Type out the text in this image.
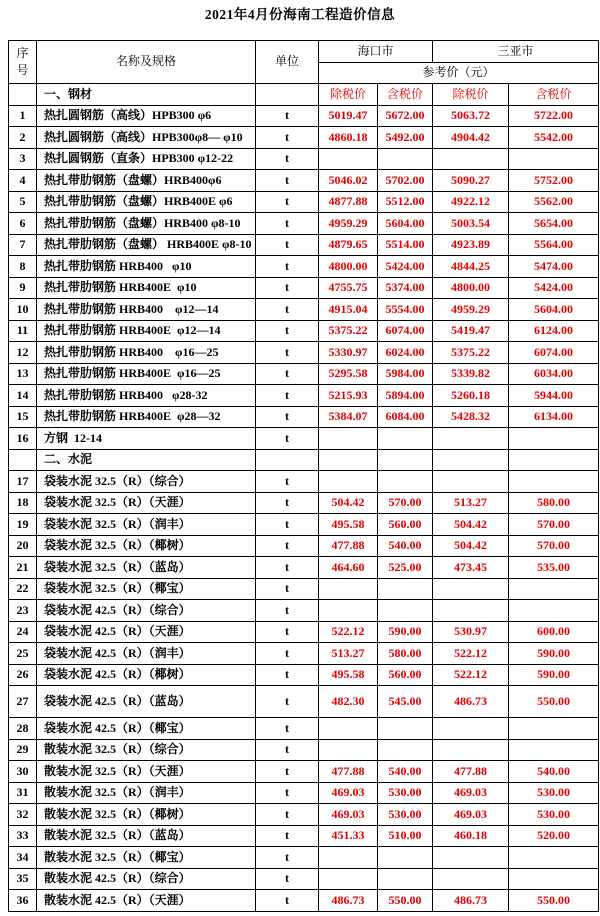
2021年4月份海南工程造价信息
序号	名称及规格	单位	海口市		三亚市	
			参考价（元）			
	一、钢材		除税价	含税价	除税价	含税价
1	热扎圆钢筋（高线）HPB300 φ6	t	5019.47	5672.00	5063.72	5722.00
2	热扎圆钢筋（高线）HPB300φ8— φ10	t	4860.18	5492.00	4904.42	5542.00
3	热扎圆钢筋（直条）HPB300 φ12-22	t				
4	热扎带肋钢筋（盘螺）HRB400φ6	t	5046.02	5702.00	5090.27	5752.00
5	热扎带肋钢筋（盘螺）HRB400E φ6	t	4877.88	5512.00	4922.12	5562.00
6	热扎带肋钢筋（盘螺）HRB400 φ8-10	t	4959.29	5604.00	5003.54	5654.00
7	热扎带肋钢筋（盘螺） HRB400E φ8-10	t	4879.65	5514.00	4923.89	5564.00
8	热扎带肋钢筋 HRB400   φ10	t	4800.00	5424.00	4844.25	5474.00
9	热扎带肋钢筋 HRB400E  φ10	t	4755.75	5374.00	4800.00	5424.00
10	热扎带肋钢筋 HRB400    φ12—14	t	4915.04	5554.00	4959.29	5604.00
11	热扎带肋钢筋 HRB400E  φ12—14	t	5375.22	6074.00	5419.47	6124.00
12	热扎带肋钢筋 HRB400    φ16—25	t	5330.97	6024.00	5375.22	6074.00
13	热扎带肋钢筋 HRB400E  φ16—25	t	5295.58	5984.00	5339.82	6034.00
14	热扎带肋钢筋 HRB400   φ28-32	t	5215.93	5894.00	5260.18	5944.00
15	热扎带肋钢筋 HRB400E  φ28—32	t	5384.07	6084.00	5428.32	6134.00
16	方钢  12-14	t				
	二、水泥					
17	袋装水泥 32.5（R）（综合）	t				
18	袋装水泥 32.5（R）（天涯）	t	504.42	570.00	513.27	580.00
19	袋装水泥 32.5（R）（润丰）	t	495.58	560.00	504.42	570.00
20	袋装水泥 32.5（R）（椰树）	t	477.88	540.00	504.42	570.00
21	袋装水泥 32.5（R）（蓝岛）	t	464.60	525.00	473.45	535.00
22	袋装水泥 32.5（R）（椰宝）	t				
23	袋装水泥 42.5（R）（综合）	t				
24	袋装水泥 42.5（R）（天涯）	t	522.12	590.00	530.97	600.00
25	袋装水泥 42.5（R）（润丰）	t	513.27	580.00	522.12	590.00
26	袋装水泥 42.5（R）（椰树）	t	495.58	560.00	522.12	590.00
27	袋装水泥 42.5（R）（蓝岛）	t	482.30	545.00	486.73	550.00
28	袋装水泥 42.5（R）（椰宝）	t				
29	散装水泥 32.5（R）（综合）	t				
30	散装水泥 32.5（R）（天涯）	t	477.88	540.00	477.88	540.00
31	散装水泥 32.5（R）（润丰）	t	469.03	530.00	469.03	530.00
32	散装水泥 32.5（R）（椰树）	t	469.03	530.00	469.03	530.00
33	散装水泥 32.5（R）（蓝岛）	t	451.33	510.00	460.18	520.00
34	散装水泥 32.5（R）（椰宝）	t				
35	散装水泥 42.5（R）（综合）	t				
36	散装水泥 42.5（R）（天涯）	t	486.73	550.00	486.73	550.00
